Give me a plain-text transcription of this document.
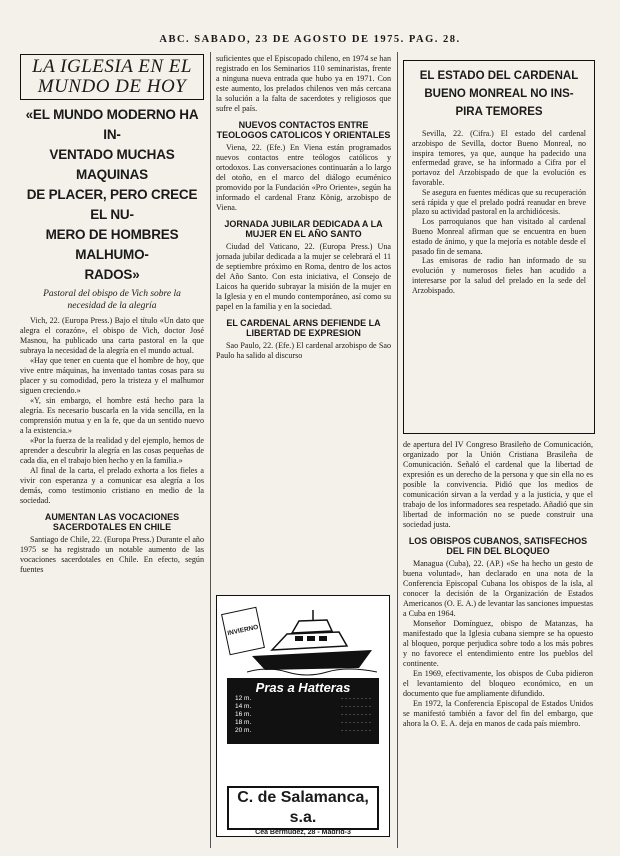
ABC. SABADO, 23 DE AGOSTO DE 1975. PAG. 28.
LA IGLESIA EN EL
MUNDO DE HOY
«EL MUNDO MODERNO HA IN-
VENTADO MUCHAS MAQUINAS
DE PLACER, PERO CRECE EL NU-
MERO DE HOMBRES MALHUMO-
RADOS»
Pastoral del obispo de Vich sobre la necesidad de la alegría

Vich, 22. (Europa Press.) Bajo el título «Un dato que alegra el corazón», el obispo de Vich, doctor José Masnou, ha publicado una carta pastoral en la que subraya la necesidad de la alegría en el mundo actual.

«Hay que tener en cuenta que el hombre de hoy, que vive entre máquinas, ha inventado tantas cosas para su placer y su comodidad, pero la tristeza y el malhumor siguen creciendo.»

«Y, sin embargo, el hombre está hecho para la alegría. Es necesario buscarla en la vida sencilla, en la comprensión mutua y en la fe, que da un sentido nuevo a la existencia.»

«Por la fuerza de la realidad y del ejemplo, hemos de aprender a descubrir la alegría en las cosas pequeñas de cada día, en el trabajo bien hecho y en la familia.»

Al final de la carta, el prelado exhorta a los fieles a vivir con esperanza y a comunicar esa alegría a los demás, como testimonio cristiano en medio de la sociedad.

AUMENTAN LAS VOCACIONES SACERDOTALES EN CHILE

Santiago de Chile, 22. (Europa Press.) Durante el año 1975 se ha registrado un notable aumento de las vocaciones sacerdotales en Chile. En efecto, según fuentes

suficientes que el Episcopado chileno, en 1974 se han registrado en los Seminarios 110 seminaristas, frente a ninguna nueva entrada que hubo ya en 1971. Con este aumento, los prelados chilenos ven más cercana la solución a la falta de sacerdotes y religiosos que sufre el país.

NUEVOS CONTACTOS ENTRE TEOLOGOS CATOLICOS Y ORIENTALES

Viena, 22. (Efe.) En Viena están programados nuevos contactos entre teólogos católicos y ortodoxos. Las conversaciones continuarán a lo largo del otoño, en el marco del diálogo ecuménico promovido por la Fundación «Pro Oriente», según ha informado el cardenal Franz König, arzobispo de Viena.

JORNADA JUBILAR DEDICADA A LA MUJER EN EL AÑO SANTO

Ciudad del Vaticano, 22. (Europa Press.) Una jornada jubilar dedicada a la mujer se celebrará el 11 de septiembre próximo en Roma, dentro de los actos del Año Santo. Con esta iniciativa, el Consejo de Laicos ha querido subrayar la misión de la mujer en la Iglesia y en el mundo contemporáneo, así como su papel en la familia y en la sociedad.

EL CARDENAL ARNS DEFIENDE LA LIBERTAD DE EXPRESION

Sao Paulo, 22. (Efe.) El cardenal arzobispo de Sao Paulo ha salido al discurso

INVIERNO
Pras a Hatteras
12 m.	· · · · · · · ·
14 m.	· · · · · · · ·
16 m.	· · · · · · · ·
18 m.	· · · · · · · ·
20 m.	· · · · · · · ·
C. de Salamanca, s.a.
Cea Bermúdez, 28 - Madrid-3
EL ESTADO DEL CARDENAL
BUENO MONREAL NO INS-
PIRA TEMORES

Sevilla, 22. (Cifra.) El estado del cardenal arzobispo de Sevilla, doctor Bueno Monreal, no inspira temores, ya que, aunque ha padecido una enfermedad grave, se ha informado a Cifra por el portavoz del Arzobispado de que la evolución es favorable.

Se asegura en fuentes médicas que su recuperación será rápida y que el prelado podrá reanudar en breve plazo su actividad pastoral en la archidiócesis.

Los parroquianos que han visitado al cardenal Bueno Monreal afirman que se encuentra en buen estado de ánimo, y que la mejoría es notable desde el pasado fin de semana.

Las emisoras de radio han informado de su evolución y numerosos fieles han acudido a interesarse por la salud del prelado en la sede del Arzobispado.

de apertura del IV Congreso Brasileño de Comunicación, organizado por la Unión Cristiana Brasileña de Comunicación. Señaló el cardenal que la libertad de expresión es un derecho de la persona y que sin ella no es posible la convivencia. Pidió que los medios de comunicación sirvan a la verdad y a la justicia, y que el trabajo de los informadores sea respetado. Añadió que sin libertad de información no se puede construir una sociedad justa.

LOS OBISPOS CUBANOS, SATISFECHOS DEL FIN DEL BLOQUEO

Managua (Cuba), 22. (AP.) «Se ha hecho un gesto de buena voluntad», han declarado en una nota de la Conferencia Episcopal Cubana los obispos de la isla, al conocer la decisión de la Organización de Estados Americanos (O. E. A.) de levantar las sanciones impuestas a Cuba en 1964.

Monseñor Domínguez, obispo de Matanzas, ha manifestado que la Iglesia cubana siempre se ha opuesto al bloqueo, porque perjudica sobre todo a los más pobres y no favorece el entendimiento entre los pueblos del continente.

En 1969, efectivamente, los obispos de Cuba pidieron el levantamiento del bloqueo económico, en un documento que fue ampliamente difundido.

En 1972, la Conferencia Episcopal de Estados Unidos se manifestó también a favor del fin del embargo, que ahora la O. E. A. deja en manos de cada país miembro.
